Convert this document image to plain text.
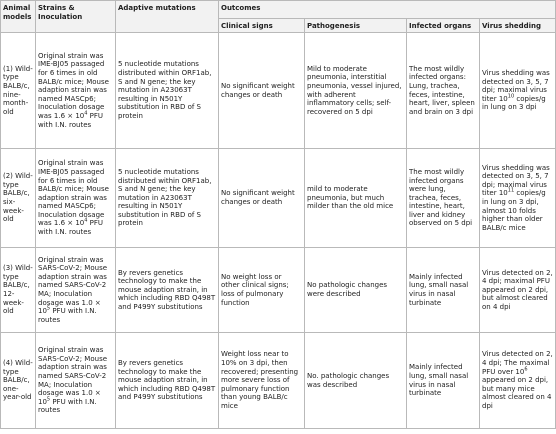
Animal models	Strains & Inoculation	Adaptive mutations	Outcomes			
			Clinical signs	Pathogenesis	Infected organs	Virus shedding
(1) Wild-type BALB/c, nine-month-old	Original strain was IME-BJ05 passaged for 6 times in old BALB/c mice; Mouse adaption strain was named MASCp6; Inoculation dosage was $1.6 \times 10^4$ PFU with I.N. routes	5 nucleotide mutations distributed within ORF1ab, S and N gene; the key mutation in A23063T resulting in N501Y substitution in RBD of S protein	No significant weight changes or death	Mild to moderate pneumonia, interstitial pneumonia, vessel injured, with adherent inflammatory cells; self-recovered on 5 dpi	The most wildly infected organs: Lung, trachea, feces, intestine, heart, liver, spleen and brain on 3 dpi	Virus shedding was detected on 3, 5, 7 dpi; maximal virus titer $10^{10}$ copies/g in lung on 3 dpi
(2) Wild-type BALB/c, six-week-old	Original strain was IME-BJ05 passaged for 6 times in old BALB/c mice; Mouse adaption strain was named MASCp6; Inoculation dosage was $1.6 \times 10^4$ PFU with I.N. routes	5 nucleotide mutations distributed within ORF1ab, S and N gene; the key mutation in A23063T resulting in N501Y substitution in RBD of S protein	No significant weight changes or death	mild to moderate pneumonia, but much milder than the old mice	The most wildly infected organs were lung, trachea, feces, intestine, heart, liver and kidney observed on 5 dpi	Virus shedding was detected on 3, 5, 7 dpi; maximal virus titer $10^{11}$ copies/g in lung on 3 dpi, almost 10 folds higher than older BALB/c mice
(3) Wild-type BALB/c, 12-week-old	Original strain was SARS-CoV-2; Mouse adaption strain was named SARS-CoV-2 MA; Inoculation dosage was $1.0 \times 10^5$ PFU with I.N. routes	By revers genetics technology to make the mouse adaption strain, in which including RBD Q498T and P499Y substitutions	No weight loss or other clinical signs; loss of pulmonary function	No pathologic changes were described	Mainly infected lung, small nasal virus in nasal turbinate	Virus detected on 2, 4 dpi; maximal PFU appeared on 2 dpi, but almost cleared on 4 dpi
(4) Wild-type BALB/c, one-year-old	Original strain was SARS-CoV-2; Mouse adaption strain was named SARS-CoV-2 MA; Inoculation dosage was $1.0 \times 10^5$ PFU with I.N. routes	By revers genetics technology to make the mouse adaption strain, in which including RBD Q498T and P499Y substitutions	Weight loss near to 10% on 3 dpi, then recovered; presenting more severe loss of pulmonary function than young BALB/c mice	No. pathologic changes was described	Mainly infected lung, small nasal virus in nasal turbinate	Virus detected on 2, 4 dpi; The maximal PFU over $10^6$ appeared on 2 dpi, but many mice almost cleared on 4 dpi
